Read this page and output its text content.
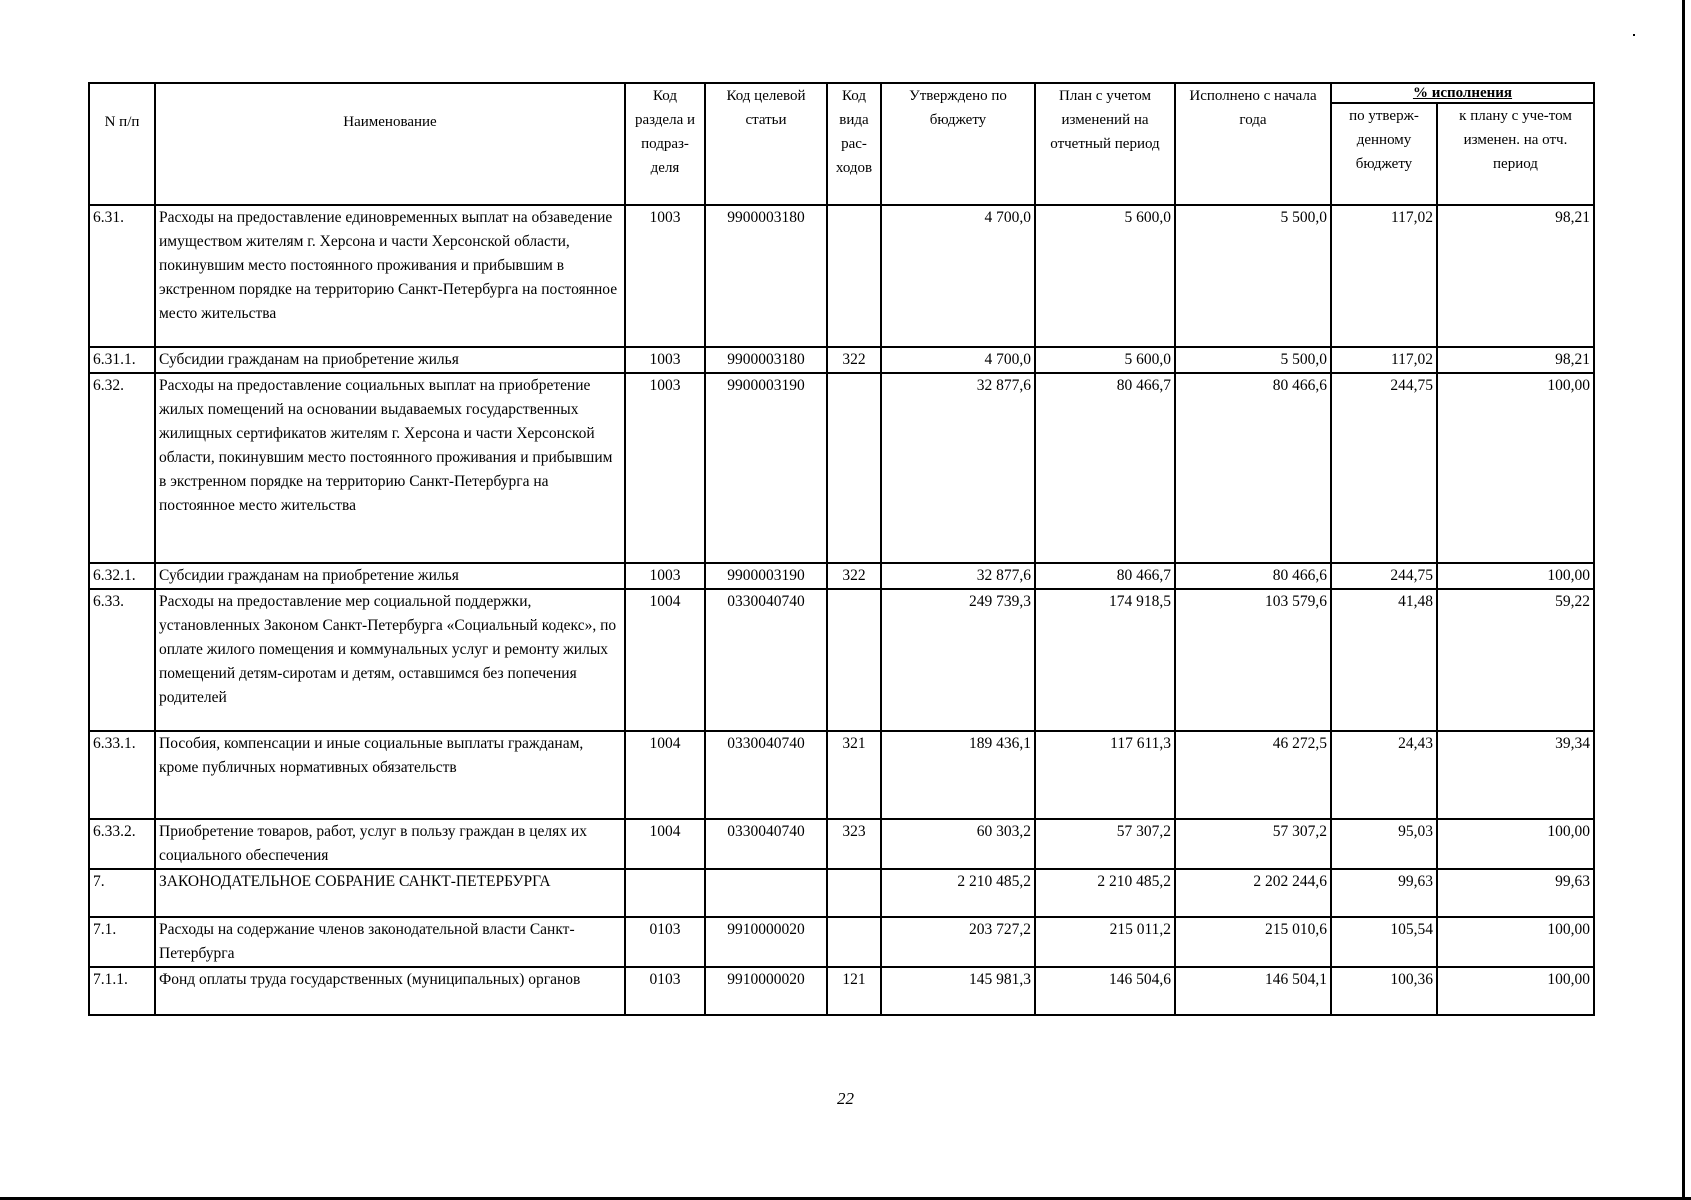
N п/п	Наименование	Код раздела и подраз-деля	Код целевой статьи	Код вида рас-ходов	Утверждено по бюджету	План с учетом изменений на отчетный период	Исполнено с начала года	% исполнения	
								по утверж-денному бюджету	к плану с уче-том изменен. на отч. период
6.31.	Расходы на предоставление единовременных выплат на обзаведение имуществом жителям г. Херсона и части Херсонской области, покинувшим место постоянного проживания и прибывшим в экстренном порядке на территорию Санкт-Петербурга на постоянное место жительства	1003	9900003180		4 700,0	5 600,0	5 500,0	117,02	98,21
6.31.1.	Субсидии гражданам на приобретение жилья	1003	9900003180	322	4 700,0	5 600,0	5 500,0	117,02	98,21
6.32.	Расходы на предоставление социальных выплат на приобретение жилых помещений на основании выдаваемых государственных жилищных сертификатов жителям г. Херсона и части Херсонской области, покинувшим место постоянного проживания и прибывшим в экстренном порядке на территорию Санкт-Петербурга на постоянное место жительства	1003	9900003190		32 877,6	80 466,7	80 466,6	244,75	100,00
6.32.1.	Субсидии гражданам на приобретение жилья	1003	9900003190	322	32 877,6	80 466,7	80 466,6	244,75	100,00
6.33.	Расходы на предоставление мер социальной поддержки, установленных Законом Санкт-Петербурга «Социальный кодекс», по оплате жилого помещения и коммунальных услуг и ремонту жилых помещений детям-сиротам и детям, оставшимся без попечения родителей	1004	0330040740		249 739,3	174 918,5	103 579,6	41,48	59,22
6.33.1.	Пособия, компенсации и иные социальные выплаты гражданам, кроме публичных нормативных обязательств	1004	0330040740	321	189 436,1	117 611,3	46 272,5	24,43	39,34
6.33.2.	Приобретение товаров, работ, услуг в пользу граждан в целях их социального обеспечения	1004	0330040740	323	60 303,2	57 307,2	57 307,2	95,03	100,00
7.	ЗАКОНОДАТЕЛЬНОЕ СОБРАНИЕ САНКТ-ПЕТЕРБУРГА				2 210 485,2	2 210 485,2	2 202 244,6	99,63	99,63
7.1.	Расходы на содержание членов законодательной власти Санкт-Петербурга	0103	9910000020		203 727,2	215 011,2	215 010,6	105,54	100,00
7.1.1.	Фонд оплаты труда государственных (муниципальных) органов	0103	9910000020	121	145 981,3	146 504,6	146 504,1	100,36	100,00
22
